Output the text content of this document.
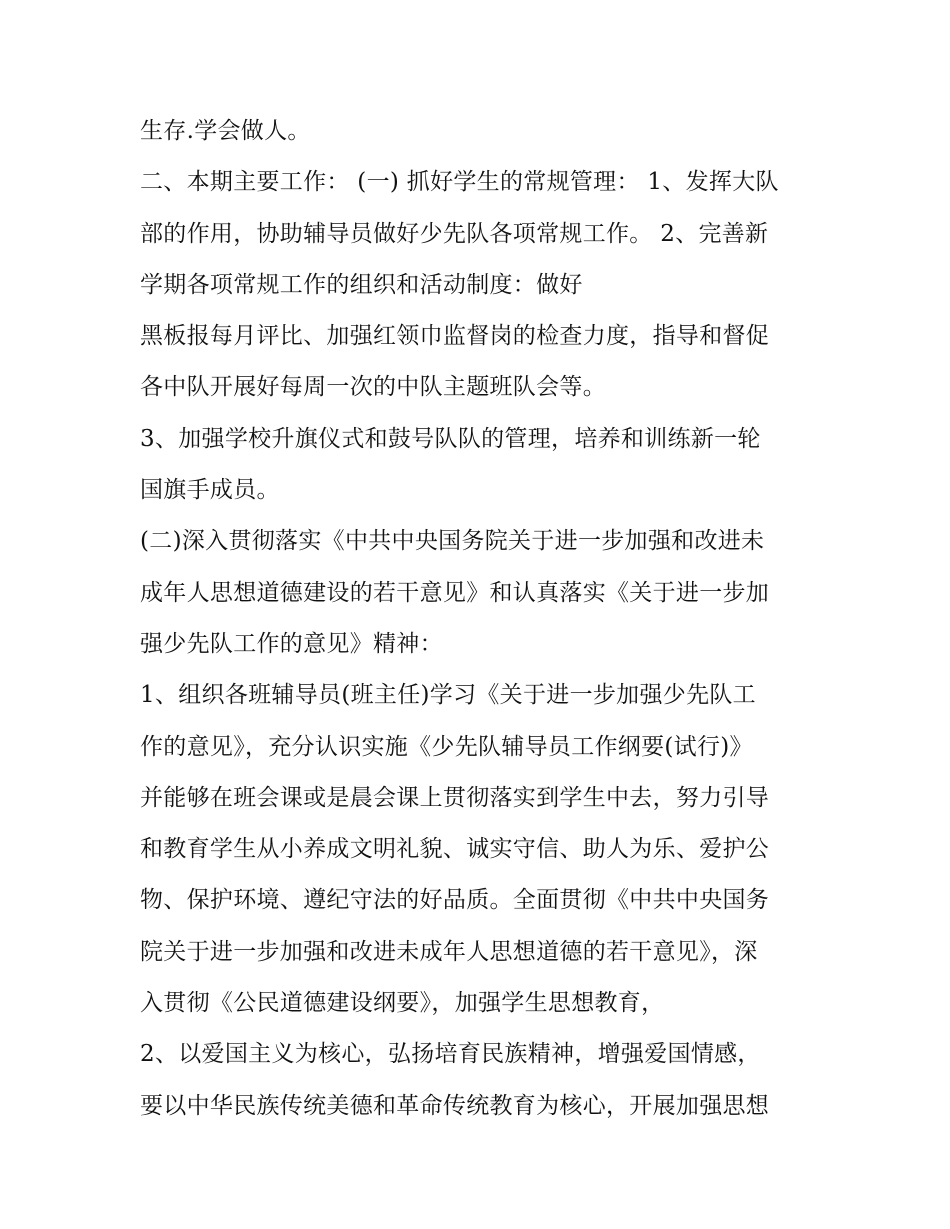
生存.学会做人。
二、本期主要工作： (一) 抓好学生的常规管理： 1、发挥大队
部的作用，协助辅导员做好少先队各项常规工作。 2、完善新
学期各项常规工作的组织和活动制度：做好
黑板报每月评比、加强红领巾监督岗的检查力度，指导和督促
各中队开展好每周一次的中队主题班队会等。
3、加强学校升旗仪式和鼓号队队的管理，培养和训练新一轮
国旗手成员。
(二)深入贯彻落实《中共中央国务院关于进一步加强和改进未
成年人思想道德建设的若干意见》和认真落实《关于进一步加
强少先队工作的意见》精神：
1、组织各班辅导员(班主任)学习《关于进一步加强少先队工
作的意见》，充分认识实施《少先队辅导员工作纲要(试行)》
并能够在班会课或是晨会课上贯彻落实到学生中去，努力引导
和教育学生从小养成文明礼貌、诚实守信、助人为乐、爱护公
物、保护环境、遵纪守法的好品质。全面贯彻《中共中央国务
院关于进一步加强和改进未成年人思想道德的若干意见》，深
入贯彻《公民道德建设纲要》，加强学生思想教育，
2、以爱国主义为核心，弘扬培育民族精神，增强爱国情感，
要以中华民族传统美德和革命传统教育为核心，开展加强思想
